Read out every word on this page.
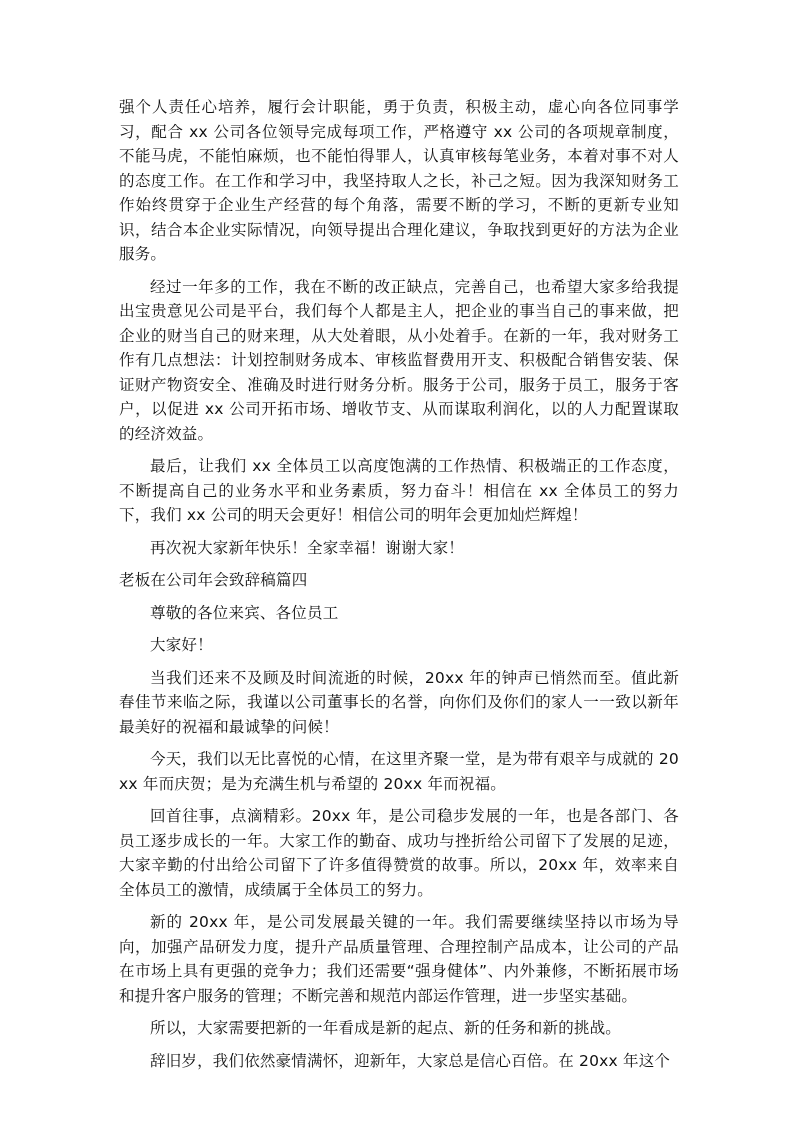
强个人责任心培养，履行会计职能，勇于负责，积极主动，虚心向各位同事学习，配合 xx 公司各位领导完成每项工作，严格遵守 xx 公司的各项规章制度，不能马虎，不能怕麻烦，也不能怕得罪人，认真审核每笔业务，本着对事不对人的态度工作。在工作和学习中，我坚持取人之长，补己之短。因为我深知财务工作始终贯穿于企业生产经营的每个角落，需要不断的学习，不断的更新专业知识，结合本企业实际情况，向领导提出合理化建议，争取找到更好的方法为企业服务。

经过一年多的工作，我在不断的改正缺点，完善自己，也希望大家多给我提出宝贵意见公司是平台，我们每个人都是主人，把企业的事当自己的事来做，把企业的财当自己的财来理，从大处着眼，从小处着手。在新的一年，我对财务工作有几点想法：计划控制财务成本、审核监督费用开支、积极配合销售安装、保证财产物资安全、准确及时进行财务分析。服务于公司，服务于员工，服务于客户，以促进 xx 公司开拓市场、增收节支、从而谋取利润化，以的人力配置谋取的经济效益。

最后，让我们 xx 全体员工以高度饱满的工作热情、积极端正的工作态度，不断提高自己的业务水平和业务素质，努力奋斗！相信在 xx 全体员工的努力下，我们 xx 公司的明天会更好！相信公司的明年会更加灿烂辉煌！

再次祝大家新年快乐！全家幸福！谢谢大家！

老板在公司年会致辞稿篇四

尊敬的各位来宾、各位员工

大家好！

当我们还来不及顾及时间流逝的时候，20xx 年的钟声已悄然而至。值此新春佳节来临之际，我谨以公司董事长的名誉，向你们及你们的家人一一致以新年最美好的祝福和最诚挚的问候！

今天，我们以无比喜悦的心情，在这里齐聚一堂，是为带有艰辛与成就的 20xx 年而庆贺；是为充满生机与希望的 20xx 年而祝福。

回首往事，点滴精彩。20xx 年，是公司稳步发展的一年，也是各部门、各员工逐步成长的一年。大家工作的勤奋、成功与挫折给公司留下了发展的足迹，大家辛勤的付出给公司留下了许多值得赞赏的故事。所以，20xx 年，效率来自全体员工的激情，成绩属于全体员工的努力。

新的 20xx 年，是公司发展最关键的一年。我们需要继续坚持以市场为导向，加强产品研发力度，提升产品质量管理、合理控制产品成本，让公司的产品在市场上具有更强的竞争力；我们还需要“强身健体”、内外兼修，不断拓展市场和提升客户服务的管理；不断完善和规范内部运作管理，进一步坚实基础。

所以，大家需要把新的一年看成是新的起点、新的任务和新的挑战。

辞旧岁，我们依然豪情满怀，迎新年，大家总是信心百倍。在 20xx 年这个
